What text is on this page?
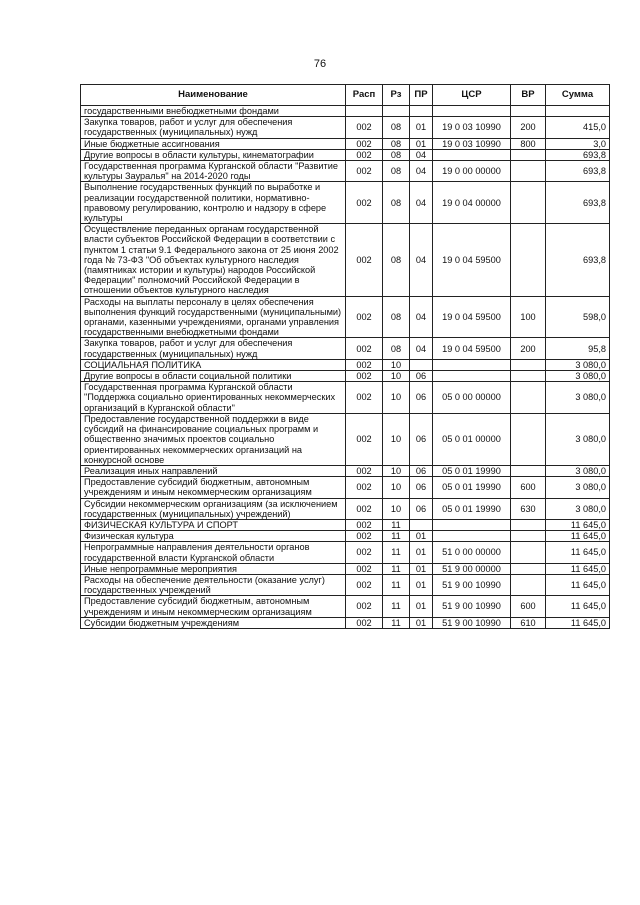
76
Наименование	Расп	Рз	ПР	ЦСР	ВР	Сумма
государственными внебюджетными фондами						
Закупка товаров, работ и услуг для обеспечения государственных (муниципальных) нужд	002	08	01	19 0 03 10990	200	415,0
Иные бюджетные ассигнования	002	08	01	19 0 03 10990	800	3,0
Другие вопросы в области культуры, кинематографии	002	08	04			693,8
Государственная программа Курганской области "Развитие культуры Зауралья" на 2014-2020 годы	002	08	04	19 0 00 00000		693,8
Выполнение государственных функций по выработке и реализации государственной политики, нормативно-правовому регулированию, контролю и надзору в сфере культуры	002	08	04	19 0 04 00000		693,8
Осуществление переданных органам государственной власти субъектов Российской Федерации в соответствии с пунктом 1 статьи 9.1 Федерального закона от 25 июня 2002 года № 73-ФЗ "Об объектах культурного наследия (памятниках истории и культуры) народов Российской Федерации" полномочий Российской Федерации в отношении объектов культурного наследия	002	08	04	19 0 04 59500		693,8
Расходы на выплаты персоналу в целях обеспечения выполнения функций государственными (муниципальными) органами, казенными учреждениями, органами управления государственными внебюджетными фондами	002	08	04	19 0 04 59500	100	598,0
Закупка товаров, работ и услуг для обеспечения государственных (муниципальных) нужд	002	08	04	19 0 04 59500	200	95,8
СОЦИАЛЬНАЯ ПОЛИТИКА	002	10				3 080,0
Другие вопросы в области социальной политики	002	10	06			3 080,0
Государственная программа Курганской области "Поддержка социально ориентированных некоммерческих организаций в Курганской области"	002	10	06	05 0 00 00000		3 080,0
Предоставление государственной поддержки в виде субсидий на финансирование социальных программ и общественно значимых проектов социально ориентированных некоммерческих организаций на конкурсной основе	002	10	06	05 0 01 00000		3 080,0
Реализация иных направлений	002	10	06	05 0 01 19990		3 080,0
Предоставление субсидий бюджетным, автономным учреждениям и иным некоммерческим организациям	002	10	06	05 0 01 19990	600	3 080,0
Субсидии некоммерческим организациям (за исключением государственных (муниципальных) учреждений)	002	10	06	05 0 01 19990	630	3 080,0
ФИЗИЧЕСКАЯ КУЛЬТУРА И СПОРТ	002	11				11 645,0
Физическая культура	002	11	01			11 645,0
Непрограммные направления деятельности органов государственной власти Курганской области	002	11	01	51 0 00 00000		11 645,0
Иные непрограммные мероприятия	002	11	01	51 9 00 00000		11 645,0
Расходы на обеспечение деятельности (оказание услуг) государственных учреждений	002	11	01	51 9 00 10990		11 645,0
Предоставление субсидий бюджетным, автономным учреждениям и иным некоммерческим организациям	002	11	01	51 9 00 10990	600	11 645,0
Субсидии бюджетным учреждениям	002	11	01	51 9 00 10990	610	11 645,0
